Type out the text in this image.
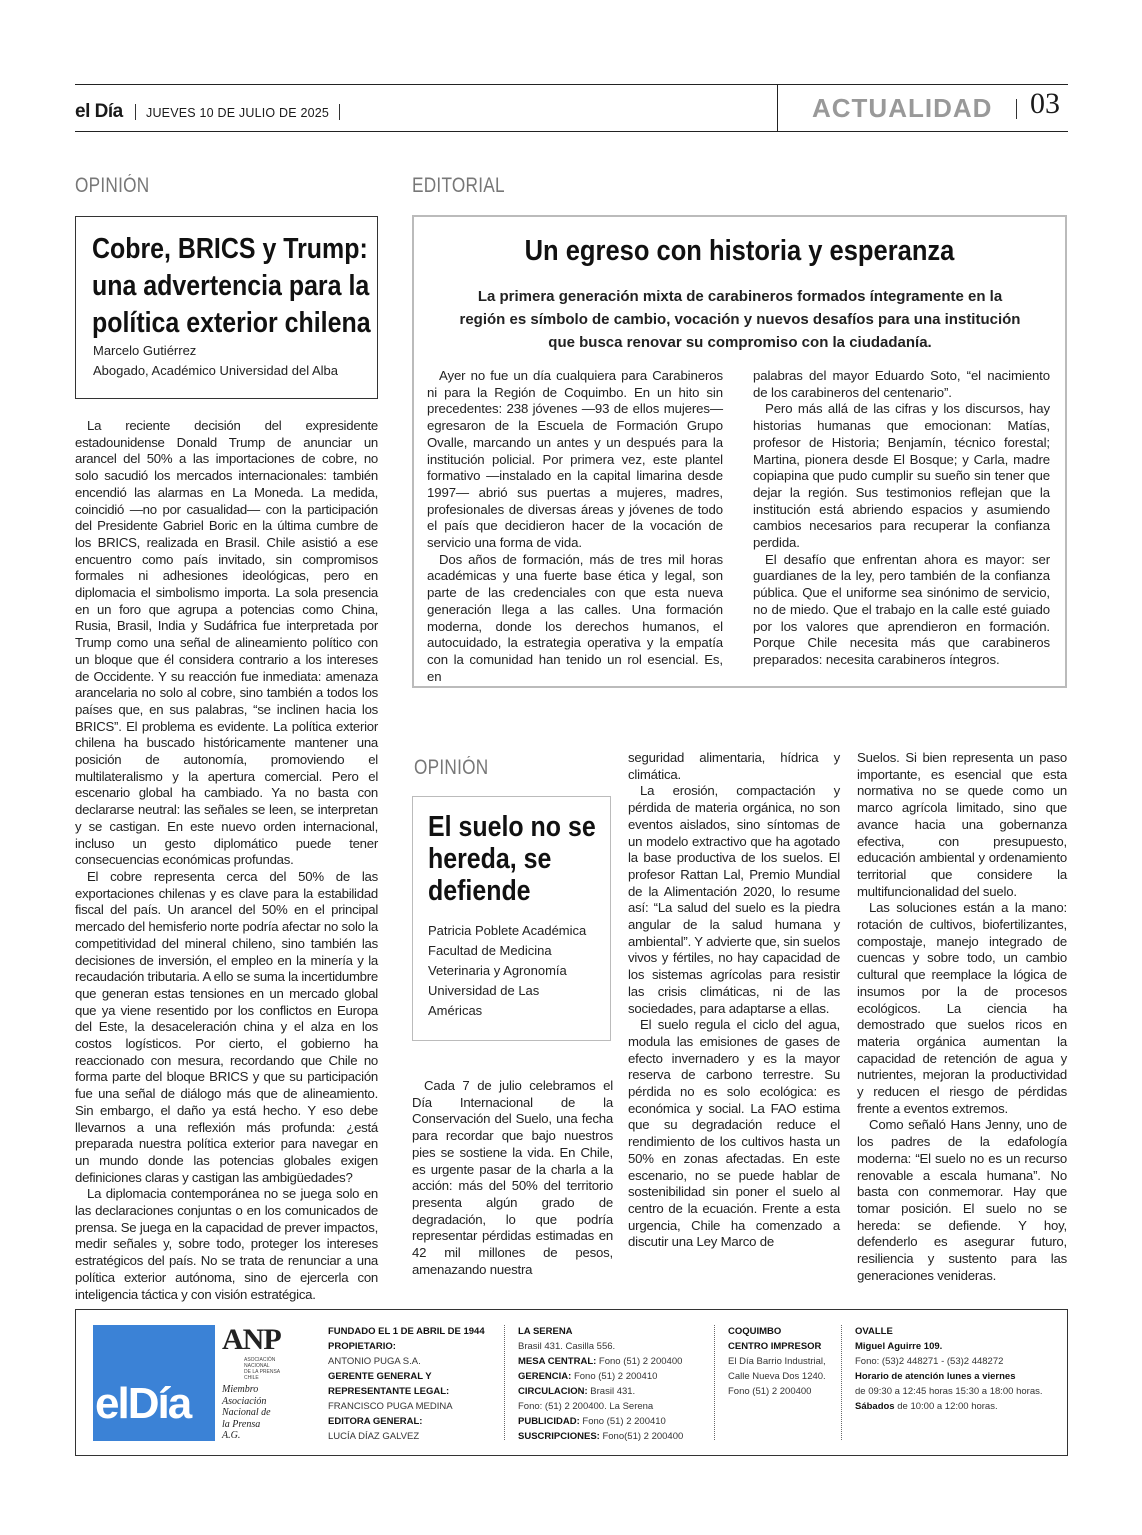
el Día JUEVES 10 DE JULIO DE 2025	ACTUALIDAD 03
OPINIÓN
Cobre, BRICS y Trump:
una advertencia para la
política exterior chilena
Marcelo Gutiérrez
Abogado, Académico Universidad del Alba

La reciente decisión del expresidente estadounidense Donald Trump de anunciar un arancel del 50% a las importaciones de cobre, no solo sacudió los mercados internacionales: también encendió las alarmas en La Moneda. La medida, coincidió —no por casualidad— con la participación del Presidente Gabriel Boric en la última cumbre de los BRICS, realizada en Brasil. Chile asistió a ese encuentro como país invitado, sin compromisos formales ni adhesiones ideológicas, pero en diplomacia el simbolismo importa. La sola presencia en un foro que agrupa a potencias como China, Rusia, Brasil, India y Sudáfrica fue interpretada por Trump como una señal de alineamiento político con un bloque que él considera contrario a los intereses de Occidente. Y su reacción fue inmediata: amenaza arancelaria no solo al cobre, sino también a todos los países que, en sus palabras, “se inclinen hacia los BRICS”. El problema es evidente. La política exterior chilena ha buscado históricamente mantener una posición de autonomía, promoviendo el multilateralismo y la apertura comercial. Pero el escenario global ha cambiado. Ya no basta con declararse neutral: las señales se leen, se interpretan y se castigan. En este nuevo orden internacional, incluso un gesto diplomático puede tener consecuencias económicas profundas.

El cobre representa cerca del 50% de las exportaciones chilenas y es clave para la estabilidad fiscal del país. Un arancel del 50% en el principal mercado del hemisferio norte podría afectar no solo la competitividad del mineral chileno, sino también las decisiones de inversión, el empleo en la minería y la recaudación tributaria. A ello se suma la incertidumbre que generan estas tensiones en un mercado global que ya viene resentido por los conflictos en Europa del Este, la desaceleración china y el alza en los costos logísticos. Por cierto, el gobierno ha reaccionado con mesura, recordando que Chile no forma parte del bloque BRICS y que su participación fue una señal de diálogo más que de alineamiento. Sin embargo, el daño ya está hecho. Y eso debe llevarnos a una reflexión más profunda: ¿está preparada nuestra política exterior para navegar en un mundo donde las potencias globales exigen definiciones claras y castigan las ambigüedades?

La diplomacia contemporánea no se juega solo en las declaraciones conjuntas o en los comunicados de prensa. Se juega en la capacidad de prever impactos, medir señales y, sobre todo, proteger los intereses estratégicos del país. No se trata de renunciar a una política exterior autónoma, sino de ejercerla con inteligencia táctica y con visión estratégica.

EDITORIAL
Un egreso con historia y esperanza
La primera generación mixta de carabineros formados íntegramente en la
región es símbolo de cambio, vocación y nuevos desafíos para una institución
que busca renovar su compromiso con la ciudadanía.

Ayer no fue un día cualquiera para Carabineros ni para la Región de Coquimbo. En un hito sin precedentes: 238 jóvenes —93 de ellos mujeres— egresaron de la Escuela de Formación Grupo Ovalle, marcando un antes y un después para la institución policial. Por primera vez, este plantel formativo —instalado en la capital limarina desde 1997— abrió sus puertas a mujeres, madres, profesionales de diversas áreas y jóvenes de todo el país que decidieron hacer de la vocación de servicio una forma de vida.

Dos años de formación, más de tres mil horas académicas y una fuerte base ética y legal, son parte de las credenciales con que esta nueva generación llega a las calles. Una formación moderna, donde los derechos humanos, el autocuidado, la estrategia operativa y la empatía con la comunidad han tenido un rol esencial. Es, en

palabras del mayor Eduardo Soto, “el nacimiento de los carabineros del centenario”.

Pero más allá de las cifras y los discursos, hay historias humanas que emocionan: Matías, profesor de Historia; Benjamín, técnico forestal; Martina, pionera desde El Bosque; y Carla, madre copiapina que pudo cumplir su sueño sin tener que dejar la región. Sus testimonios reflejan que la institución está abriendo espacios y asumiendo cambios necesarios para recuperar la confianza perdida.

El desafío que enfrentan ahora es mayor: ser guardianes de la ley, pero también de la confianza pública. Que el uniforme sea sinónimo de servicio, no de miedo. Que el trabajo en la calle esté guiado por los valores que aprendieron en formación. Porque Chile necesita más que carabineros preparados: necesita carabineros íntegros.

OPINIÓN
El suelo no se
hereda, se
defiende
Patricia Poblete Académica
Facultad de Medicina
Veterinaria y Agronomía
Universidad de Las
Américas

Cada 7 de julio celebramos el Día Internacional de la Conservación del Suelo, una fecha para recordar que bajo nuestros pies se sostiene la vida. En Chile, es urgente pasar de la charla a la acción: más del 50% del territorio presenta algún grado de degradación, lo que podría representar pérdidas estimadas en 42 mil millones de pesos, amenazando nuestra

seguridad alimentaria, hídrica y climática.

La erosión, compactación y pérdida de materia orgánica, no son eventos aislados, sino síntomas de un modelo extractivo que ha agotado la base productiva de los suelos. El profesor Rattan Lal, Premio Mundial de la Alimentación 2020, lo resume así: “La salud del suelo es la piedra angular de la salud humana y ambiental”. Y advierte que, sin suelos vivos y fértiles, no hay capacidad de los sistemas agrícolas para resistir las crisis climáticas, ni de las sociedades, para adaptarse a ellas.

El suelo regula el ciclo del agua, modula las emisiones de gases de efecto invernadero y es la mayor reserva de carbono terrestre. Su pérdida no es solo ecológica: es económica y social. La FAO estima que su degradación reduce el rendimiento de los cultivos hasta un 50% en zonas afectadas. En este escenario, no se puede hablar de sostenibilidad sin poner el suelo al centro de la ecuación. Frente a esta urgencia, Chile ha comenzado a discutir una Ley Marco de

Suelos. Si bien representa un paso importante, es esencial que esta normativa no se quede como un marco agrícola limitado, sino que avance hacia una gobernanza efectiva, con presupuesto, educación ambiental y ordenamiento territorial que considere la multifuncionalidad del suelo.

Las soluciones están a la mano: rotación de cultivos, biofertilizantes, compostaje, manejo integrado de cuencas y sobre todo, un cambio cultural que reemplace la lógica de insumos por la de procesos ecológicos. La ciencia ha demostrado que suelos ricos en materia orgánica aumentan la capacidad de retención de agua y nutrientes, mejoran la productividad y reducen el riesgo de pérdidas frente a eventos extremos.

Como señaló Hans Jenny, uno de los padres de la edafología moderna: “El suelo no es un recurso renovable a escala humana”. No basta con conmemorar. Hay que tomar posición. El suelo no se hereda: se defiende. Y hoy, defenderlo es asegurar futuro, resiliencia y sustento para las generaciones venideras.

elDía
ANP
ASOCIACIÓN
NACIONAL
DE LA PRENSA
CHILE
Miembro
Asociación
Nacional de
la Prensa
A.G.
FUNDADO EL 1 DE ABRIL DE 1944
PROPIETARIO:
ANTONIO PUGA S.A.
GERENTE GENERAL Y
REPRESENTANTE LEGAL:
FRANCISCO PUGA MEDINA
EDITORA GENERAL:
LUCÍA DÍAZ GALVEZ
LA SERENA
Brasil 431. Casilla 556.
MESA CENTRAL: Fono (51) 2 200400
GERENCIA: Fono (51) 2 200410
CIRCULACION: Brasil 431.
Fono: (51) 2 200400. La Serena
PUBLICIDAD: Fono (51) 2 200410
SUSCRIPCIONES: Fono(51) 2 200400
COQUIMBO
CENTRO IMPRESOR
El Día Barrio Industrial,
Calle Nueva Dos 1240.
Fono (51) 2 200400
OVALLE
Miguel Aguirre 109.
Fono: (53)2 448271 - (53)2 448272
Horario de atención lunes a viernes
de 09:30 a 12:45 horas 15:30 a 18:00 horas.
Sábados de 10:00 a 12:00 horas.
